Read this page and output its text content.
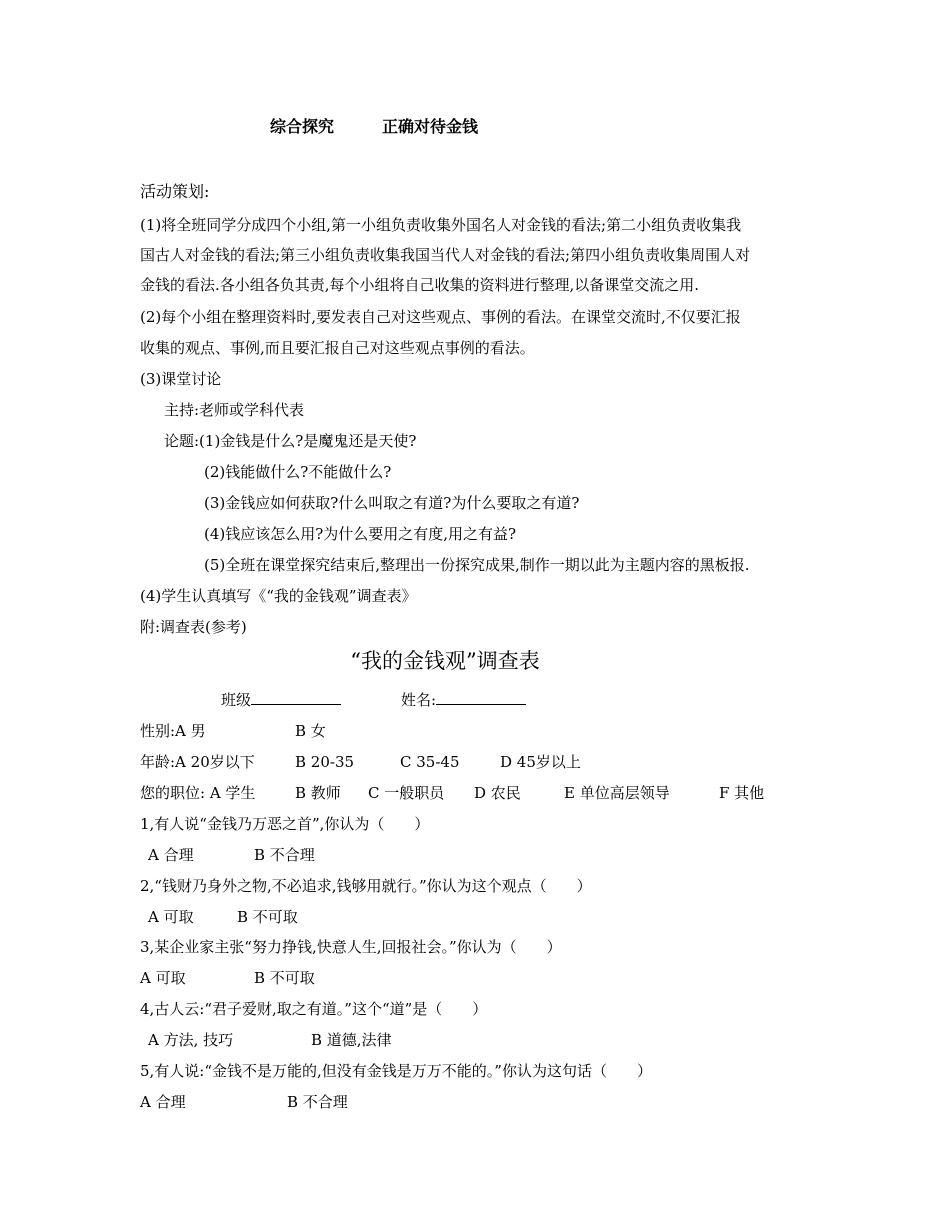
综合探究	正确对待金钱
活动策划:
(1)将全班同学分成四个小组,第一小组负责收集外国名人对金钱的看法;第二小组负责收集我
国古人对金钱的看法;第三小组负责收集我国当代人对金钱的看法;第四小组负责收集周围人对
金钱的看法.各小组各负其责,每个小组将自己收集的资料进行整理,以备课堂交流之用.
(2)每个小组在整理资料时,要发表自己对这些观点、事例的看法。在课堂交流时,不仅要汇报
收集的观点、事例,而且要汇报自己对这些观点事例的看法。
(3)课堂讨论
主持:老师或学科代表
论题:(1)金钱是什么?是魔鬼还是天使?
(2)钱能做什么?不能做什么?
(3)金钱应如何获取?什么叫取之有道?为什么要取之有道?
(4)钱应该怎么用?为什么要用之有度,用之有益?
(5)全班在课堂探究结束后,整理出一份探究成果,制作一期以此为主题内容的黑板报.
(4)学生认真填写《“我的金钱观”调查表》
附:调查表(参考)
“我的金钱观”调查表
班级	姓名:
性别:A 男	B 女
年龄:A 20岁以下	B 20-35	C 35-45	D 45岁以上
您的职位: A 学生	B 教师 C 一般职员 D 农民	E 单位高层领导	F 其他
1,有人说“金钱乃万恶之首”,你认为（　　）
A 合理	B 不合理
2,“钱财乃身外之物,不必追求,钱够用就行。”你认为这个观点（　　）
A 可取	B 不可取
3,某企业家主张“努力挣钱,快意人生,回报社会。”你认为（　　）
A 可取	B 不可取
4,古人云:“君子爱财,取之有道。”这个“道”是（　　）
A 方法, 技巧	B 道德,法律
5,有人说:“金钱不是万能的,但没有金钱是万万不能的。”你认为这句话（　　）
A 合理	B 不合理
